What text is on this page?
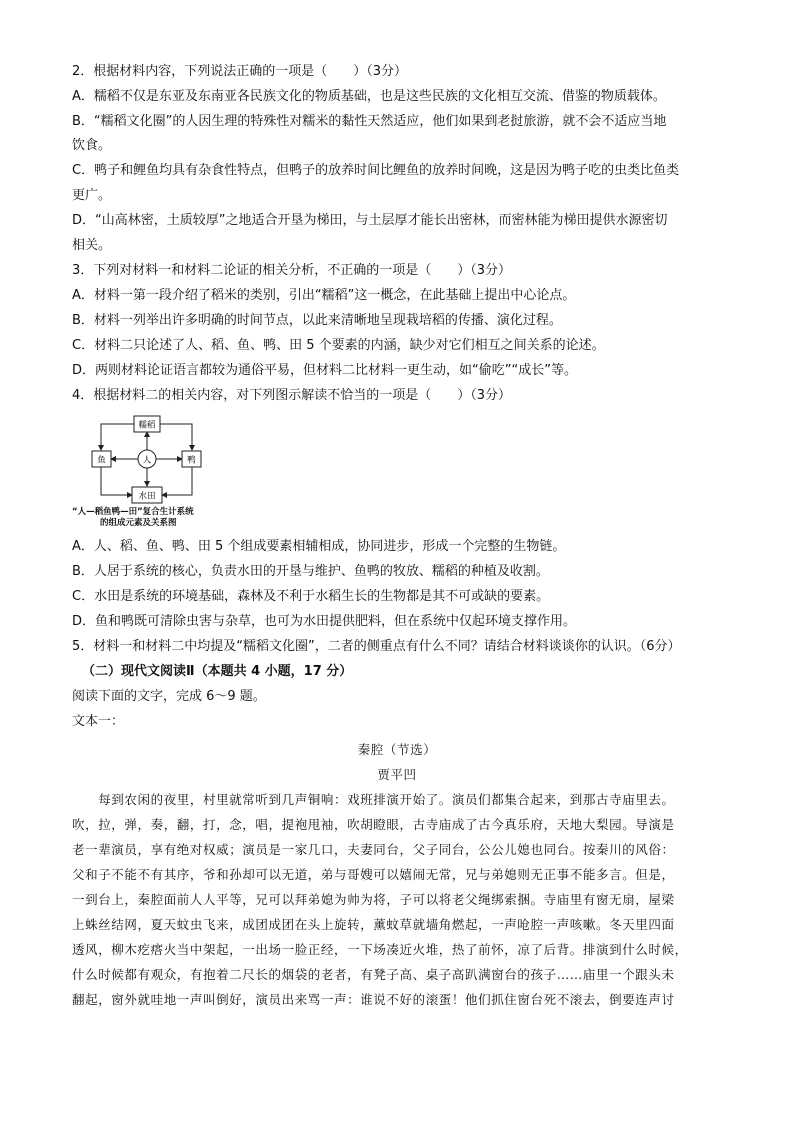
2．根据材料内容，下列说法正确的一项是（　　）（3分）
A．糯稻不仅是东亚及东南亚各民族文化的物质基础，也是这些民族的文化相互交流、借鉴的物质载体。
B．“糯稻文化圈”的人因生理的特殊性对糯米的黏性天然适应，他们如果到老挝旅游，就不会不适应当地
饮食。
C．鸭子和鲤鱼均具有杂食性特点，但鸭子的放养时间比鲤鱼的放养时间晚，这是因为鸭子吃的虫类比鱼类
更广。
D．“山高林密，土质较厚”之地适合开垦为梯田，与土层厚才能长出密林，而密林能为梯田提供水源密切
相关。
3．下列对材料一和材料二论证的相关分析，不正确的一项是（　　）（3分）
A．材料一第一段介绍了稻米的类别，引出“糯稻”这一概念，在此基础上提出中心论点。
B．材料一列举出许多明确的时间节点，以此来清晰地呈现栽培稻的传播、演化过程。
C．材料二只论述了人、稻、鱼、鸭、田 5 个要素的内涵，缺少对它们相互之间关系的论述。
D．两则材料论证语言都较为通俗平易，但材料二比材料一更生动，如“偷吃”“成长”等。
4．根据材料二的相关内容，对下列图示解读不恰当的一项是（　　）（3分）
糯稻
鱼	人	鸭
水田
“人—稻鱼鸭—田”复合生计系统
的组成元素及关系图
A．人、稻、鱼、鸭、田 5 个组成要素相辅相成，协同进步，形成一个完整的生物链。
B．人居于系统的核心，负责水田的开垦与维护、鱼鸭的牧放、糯稻的种植及收割。
C．水田是系统的环境基础，森林及不利于水稻生长的生物都是其不可或缺的要素。
D．鱼和鸭既可清除虫害与杂草，也可为水田提供肥料，但在系统中仅起环境支撑作用。
5．材料一和材料二中均提及“糯稻文化圈”，二者的侧重点有什么不同？请结合材料谈谈你的认识。（6分）
（二）现代文阅读Ⅱ（本题共 4 小题，17 分）
阅读下面的文字，完成 6～9 题。
文本一：
秦腔（节选）
贾平凹
　　每到农闲的夜里，村里就常听到几声铜响：戏班排演开始了。演员们都集合起来，到那古寺庙里去。
吹，拉，弹，奏，翻，打，念，唱，提袍甩袖，吹胡瞪眼，古寺庙成了古今真乐府，天地大梨园。导演是
老一辈演员，享有绝对权威；演员是一家几口，夫妻同台，父子同台，公公儿媳也同台。按秦川的风俗：
父和子不能不有其序，爷和孙却可以无道，弟与哥嫂可以嬉闹无常，兄与弟媳则无正事不能多言。但是，
一到台上，秦腔面前人人平等，兄可以拜弟媳为帅为将，子可以将老父绳绑索捆。寺庙里有窗无扇，屋梁
上蛛丝结网，夏天蚊虫飞来，成团成团在头上旋转，薰蚊草就墙角燃起，一声呛腔一声咳嗽。冬天里四面
透风，柳木疙瘩火当中架起，一出场一脸正经，一下场凑近火堆，热了前怀，凉了后背。排演到什么时候，
什么时候都有观众，有抱着二尺长的烟袋的老者，有凳子高、桌子高趴满窗台的孩子……庙里一个跟头未
翻起，窗外就哇地一声叫倒好，演员出来骂一声：谁说不好的滚蛋！他们抓住窗台死不滚去，倒要连声讨
